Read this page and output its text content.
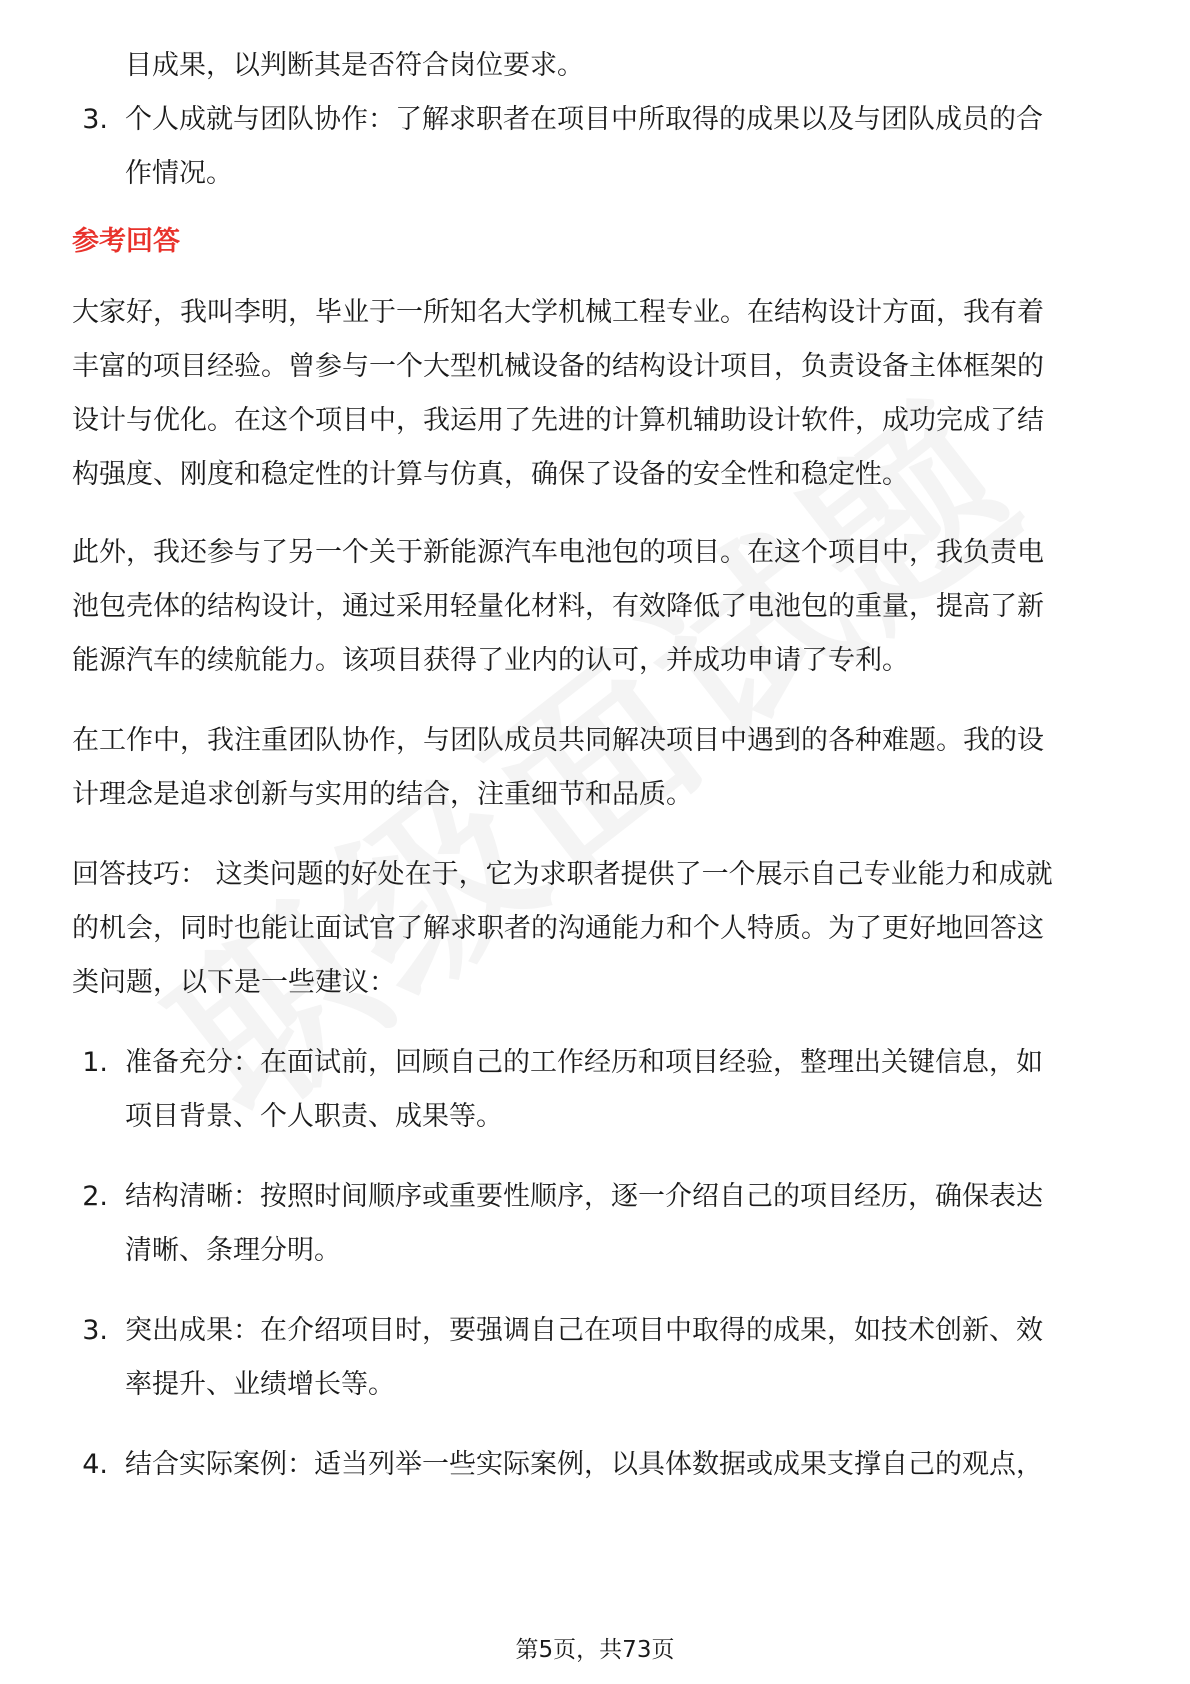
目成果，以判断其是否符合岗位要求。
3. 个人成就与团队协作：了解求职者在项目中所取得的成果以及与团队成员的合
作情况。
参考回答
大家好，我叫李明，毕业于一所知名大学机械工程专业。在结构设计方面，我有着
丰富的项目经验。曾参与一个大型机械设备的结构设计项目，负责设备主体框架的
设计与优化。在这个项目中，我运用了先进的计算机辅助设计软件，成功完成了结
构强度、刚度和稳定性的计算与仿真，确保了设备的安全性和稳定性。
此外，我还参与了另一个关于新能源汽车电池包的项目。在这个项目中，我负责电
池包壳体的结构设计，通过采用轻量化材料，有效降低了电池包的重量，提高了新
能源汽车的续航能力。该项目获得了业内的认可，并成功申请了专利。
在工作中，我注重团队协作，与团队成员共同解决项目中遇到的各种难题。我的设
计理念是追求创新与实用的结合，注重细节和品质。
回答技巧： 这类问题的好处在于，它为求职者提供了一个展示自己专业能力和成就
的机会，同时也能让面试官了解求职者的沟通能力和个人特质。为了更好地回答这
类问题，以下是一些建议：
1. 准备充分：在面试前，回顾自己的工作经历和项目经验，整理出关键信息，如
项目背景、个人职责、成果等。
2. 结构清晰：按照时间顺序或重要性顺序，逐一介绍自己的项目经历，确保表达
清晰、条理分明。
3. 突出成果：在介绍项目时，要强调自己在项目中取得的成果，如技术创新、效
率提升、业绩增长等。
4. 结合实际案例：适当列举一些实际案例，以具体数据或成果支撑自己的观点，
第5页，共73页
